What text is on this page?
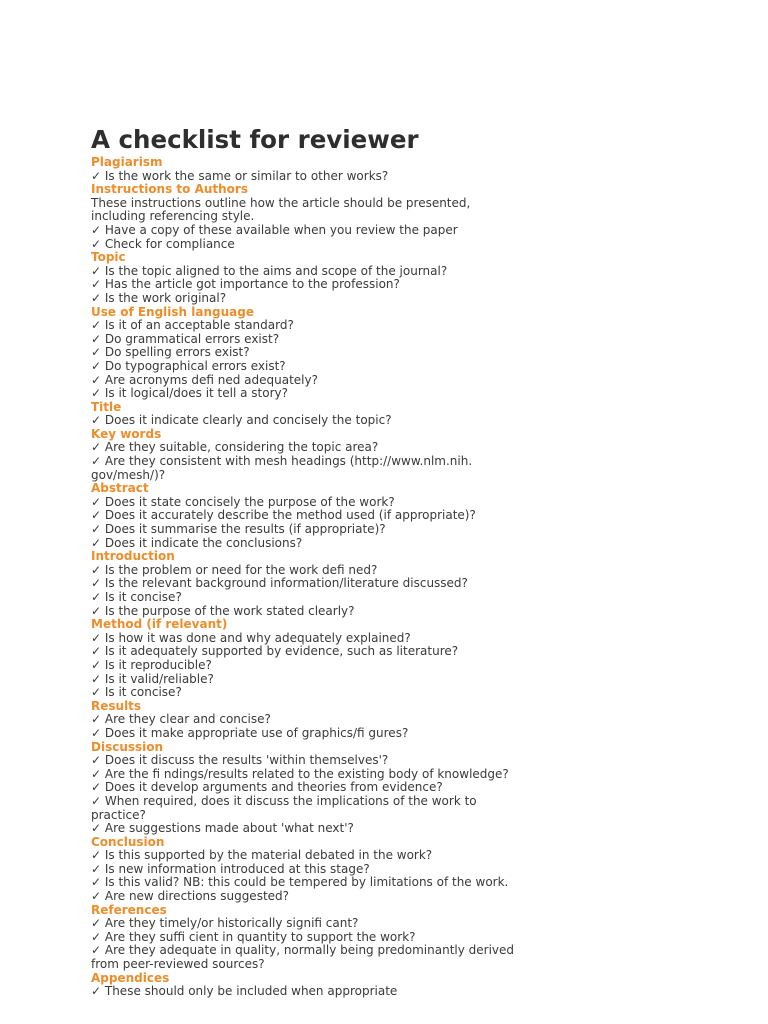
A checklist for reviewer
Plagiarism
✓ Is the work the same or similar to other works?
Instructions to Authors
These instructions outline how the article should be presented,
including referencing style.
✓ Have a copy of these available when you review the paper
✓ Check for compliance
Topic
✓ Is the topic aligned to the aims and scope of the journal?
✓ Has the article got importance to the profession?
✓ Is the work original?
Use of English language
✓ Is it of an acceptable standard?
✓ Do grammatical errors exist?
✓ Do spelling errors exist?
✓ Do typographical errors exist?
✓ Are acronyms defi ned adequately?
✓ Is it logical/does it tell a story?
Title
✓ Does it indicate clearly and concisely the topic?
Key words
✓ Are they suitable, considering the topic area?
✓ Are they consistent with mesh headings (http://www.nlm.nih.
gov/mesh/)?
Abstract
✓ Does it state concisely the purpose of the work?
✓ Does it accurately describe the method used (if appropriate)?
✓ Does it summarise the results (if appropriate)?
✓ Does it indicate the conclusions?
Introduction
✓ Is the problem or need for the work defi ned?
✓ Is the relevant background information/literature discussed?
✓ Is it concise?
✓ Is the purpose of the work stated clearly?
Method (if relevant)
✓ Is how it was done and why adequately explained?
✓ Is it adequately supported by evidence, such as literature?
✓ Is it reproducible?
✓ Is it valid/reliable?
✓ Is it concise?
Results
✓ Are they clear and concise?
✓ Does it make appropriate use of graphics/fi gures?
Discussion
✓ Does it discuss the results 'within themselves'?
✓ Are the fi ndings/results related to the existing body of knowledge?
✓ Does it develop arguments and theories from evidence?
✓ When required, does it discuss the implications of the work to
practice?
✓ Are suggestions made about 'what next'?
Conclusion
✓ Is this supported by the material debated in the work?
✓ Is new information introduced at this stage?
✓ Is this valid? NB: this could be tempered by limitations of the work.
✓ Are new directions suggested?
References
✓ Are they timely/or historically signifi cant?
✓ Are they suffi cient in quantity to support the work?
✓ Are they adequate in quality, normally being predominantly derived
from peer-reviewed sources?
Appendices
✓ These should only be included when appropriate
